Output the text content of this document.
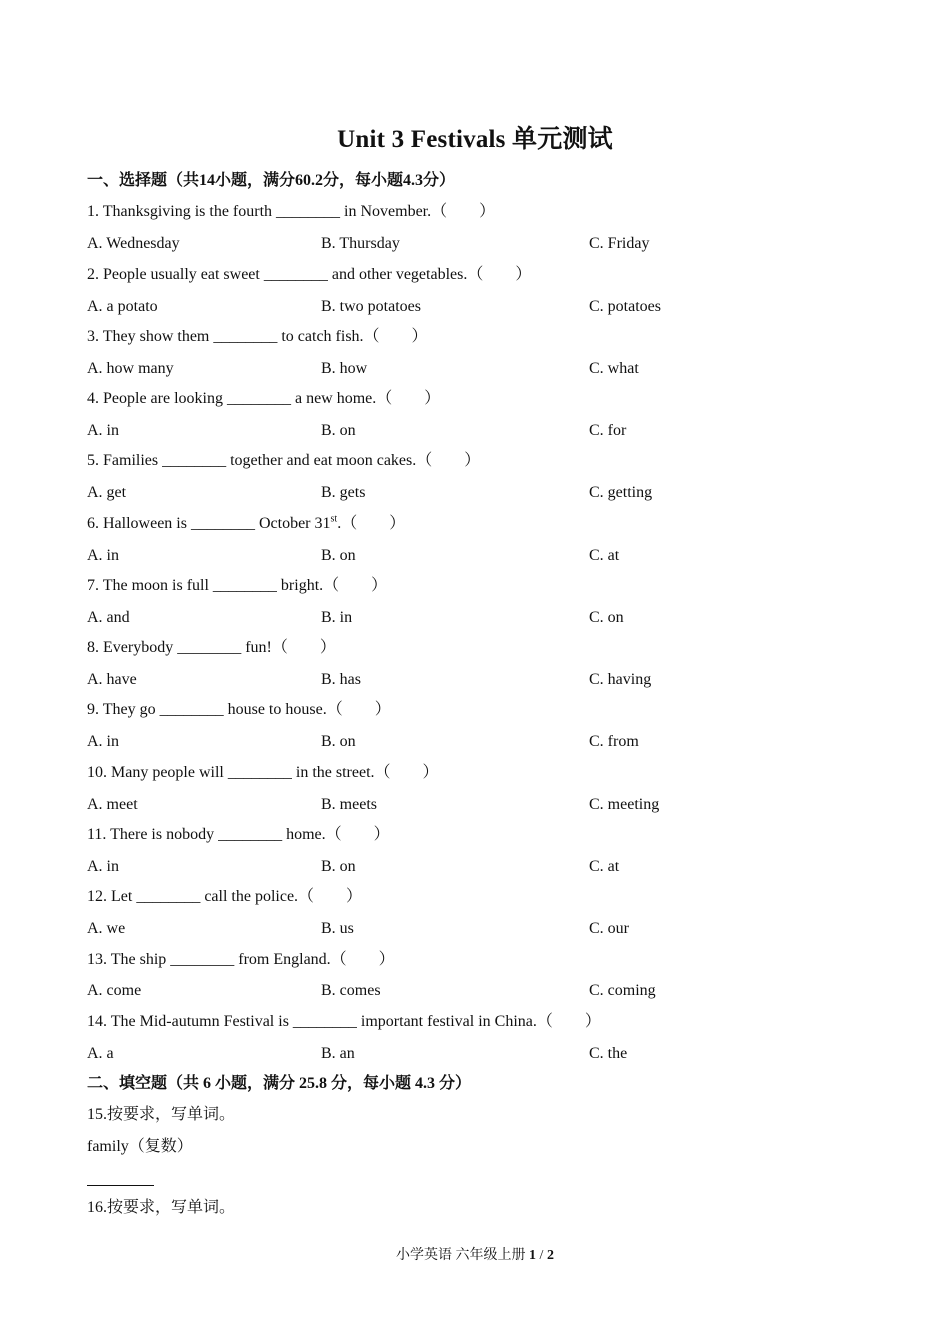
Unit 3 Festivals 单元测试
一、选择题（共14小题，满分60.2分，每小题4.3分）
1. Thanksgiving is the fourth ________ in November.（　　）
A. Wednesday	B. Thursday	C. Friday
2. People usually eat sweet ________ and other vegetables.（　　）
A. a potato	B. two potatoes	C. potatoes
3. They show them ________ to catch fish.（　　）
A. how many	B. how	C. what
4. People are looking ________ a new home.（　　）
A. in	B. on	C. for
5. Families ________ together and eat moon cakes.（　　）
A. get	B. gets	C. getting
6. Halloween is ________ October 31st.（　　）
A. in	B. on	C. at
7. The moon is full ________ bright.（　　）
A. and	B. in	C. on
8. Everybody ________ fun!（　　）
A. have	B. has	C. having
9. They go ________ house to house.（　　）
A. in	B. on	C. from
10. Many people will ________ in the street.（　　）
A. meet	B. meets	C. meeting
11. There is nobody ________ home.（　　）
A. in	B. on	C. at
12. Let ________ call the police.（　　）
A. we	B. us	C. our
13. The ship ________ from England.（　　）
A. come	B. comes	C. coming
14. The Mid-autumn Festival is ________ important festival in China.（　　）
A. a	B. an	C. the
二、填空题（共 6 小题，满分 25.8 分，每小题 4.3 分）
15.按要求，写单词。
family（复数）
16.按要求，写单词。
小学英语 六年级上册 1 / 2
